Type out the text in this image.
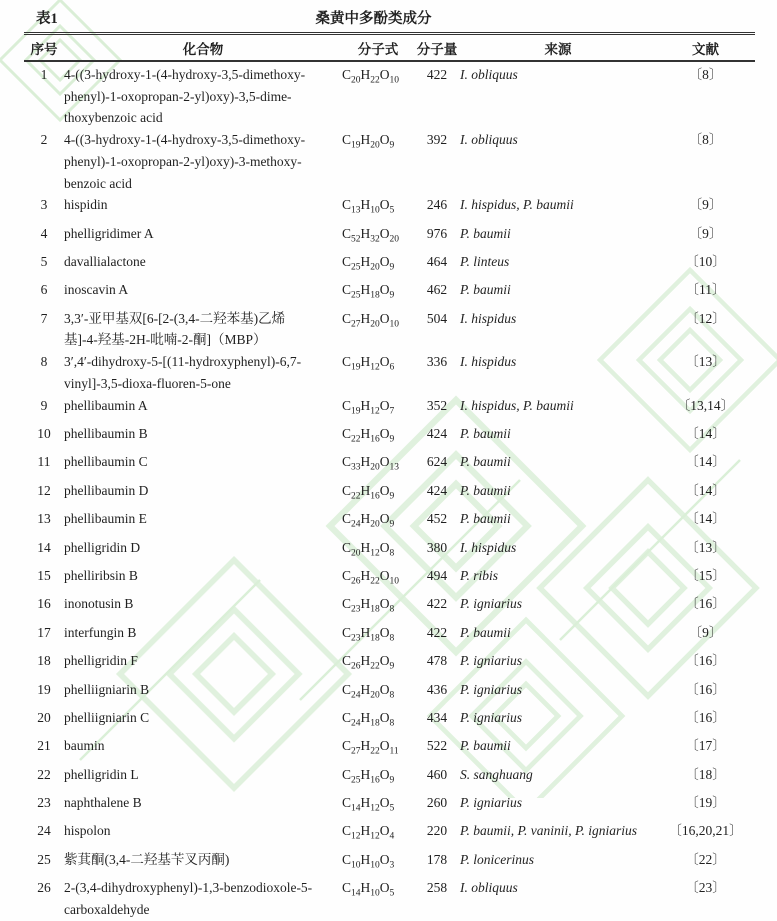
表1	桑黄中多酚类成分
序号	化合物	分子式	分子量	来源	文献
1	4-((3-hydroxy-1-(4-hydroxy-3,5-dimethoxy-
phenyl)-1-oxopropan-2-yl)oxy)-3,5-dime-
thoxybenzoic acid	$C_{20}H_{22}O_{10}$	422	I. obliquus	〔8〕
2	4-((3-hydroxy-1-(4-hydroxy-3,5-dimethoxy-
phenyl)-1-oxopropan-2-yl)oxy)-3-methoxy-
benzoic acid	$C_{19}H_{20}O_9$	392	I. obliquus	〔8〕
3	hispidin	$C_{13}H_{10}O_5$	246	I. hispidus, P. baumii	〔9〕
4	phelligridimer A	$C_{52}H_{32}O_{20}$	976	P. baumii	〔9〕
5	davallialactone	$C_{25}H_{20}O_9$	464	P. linteus	〔10〕
6	inoscavin A	$C_{25}H_{18}O_9$	462	P. baumii	〔11〕
7	3,3′-亚甲基双[6-[2-(3,4-二羟苯基)乙烯
基]-4-羟基-2H-吡喃-2-酮]（MBP）	$C_{27}H_{20}O_{10}$	504	I. hispidus	〔12〕
8	3′,4′-dihydroxy-5-[(11-hydroxyphenyl)-6,7-
vinyl]-3,5-dioxa-fluoren-5-one	$C_{19}H_{12}O_6$	336	I. hispidus	〔13〕
9	phellibaumin A	$C_{19}H_{12}O_7$	352	I. hispidus, P. baumii	〔13,14〕
10	phellibaumin B	$C_{22}H_{16}O_9$	424	P. baumii	〔14〕
11	phellibaumin C	$C_{33}H_{20}O_{13}$	624	P. baumii	〔14〕
12	phellibaumin D	$C_{22}H_{16}O_9$	424	P. baumii	〔14〕
13	phellibaumin E	$C_{24}H_{20}O_9$	452	P. baumii	〔14〕
14	phelligridin D	$C_{20}H_{12}O_8$	380	I. hispidus	〔13〕
15	phelliribsin B	$C_{26}H_{22}O_{10}$	494	P. ribis	〔15〕
16	inonotusin B	$C_{23}H_{18}O_8$	422	P. igniarius	〔16〕
17	interfungin B	$C_{23}H_{18}O_8$	422	P. baumii	〔9〕
18	phelligridin F	$C_{26}H_{22}O_9$	478	P. igniarius	〔16〕
19	phelliigniarin B	$C_{24}H_{20}O_8$	436	P. igniarius	〔16〕
20	phelliigniarin C	$C_{24}H_{18}O_8$	434	P. igniarius	〔16〕
21	baumin	$C_{27}H_{22}O_{11}$	522	P. baumii	〔17〕
22	phelligridin L	$C_{25}H_{16}O_9$	460	S. sanghuang	〔18〕
23	naphthalene B	$C_{14}H_{12}O_5$	260	P. igniarius	〔19〕
24	hispolon	$C_{12}H_{12}O_4$	220	P. baumii, P. vaninii, P. igniarius	〔16,20,21〕
25	紫萁酮(3,4-二羟基苄叉丙酮)	$C_{10}H_{10}O_3$	178	P. lonicerinus	〔22〕
26	2-(3,4-dihydroxyphenyl)-1,3-benzodioxole-5-
carboxaldehyde	$C_{14}H_{10}O_5$	258	I. obliquus	〔23〕
